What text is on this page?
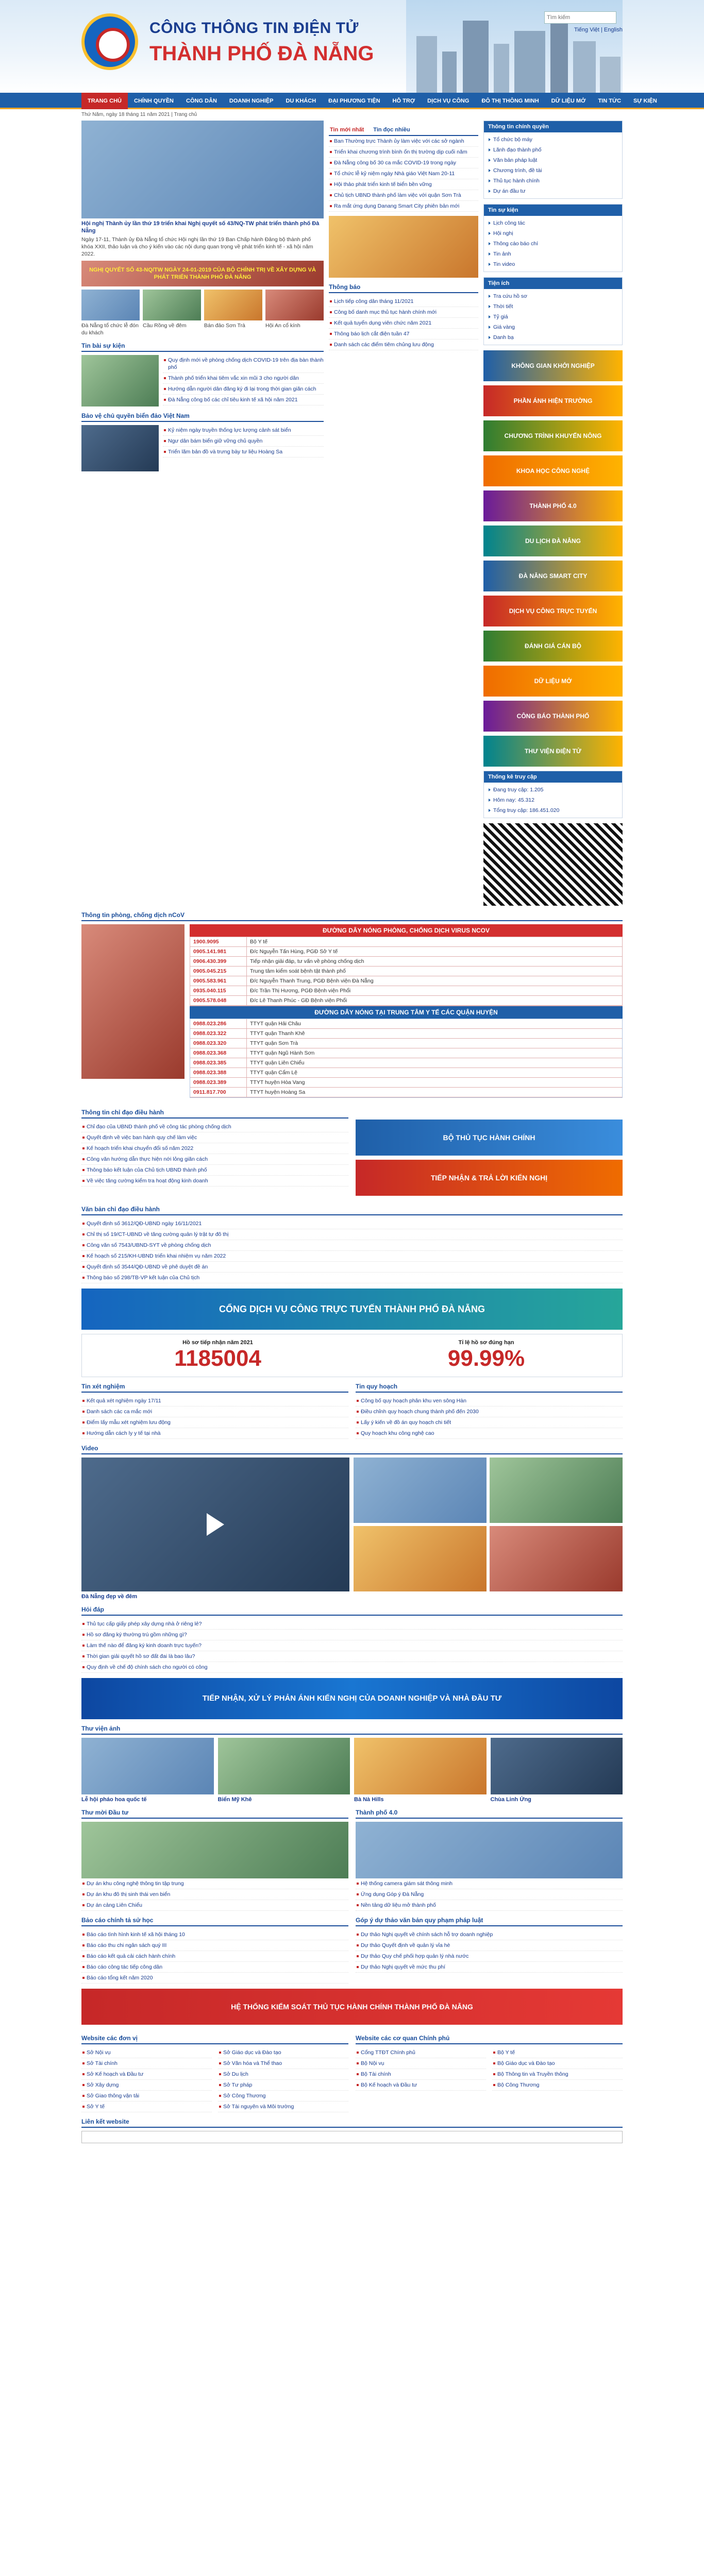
CÔNG THÔNG TIN ĐIỆN TỬ
THÀNH PHỐ ĐÀ NẴNG
Tìm kiếm
Tiếng Việt | English
TRANG CHỦ	CHÍNH QUYỀN	CÔNG DÂN	DOANH NGHIỆP	DU KHÁCH	ĐẠI PHƯƠNG TIỆN	HỖ TRỢ	DỊCH VỤ CÔNG	ĐÔ THỊ THÔNG MINH	DỮ LIỆU MỞ	TIN TỨC	SỰ KIỆN
Thứ Năm, ngày 18 tháng 11 năm 2021 | Trang chủ
Hội nghị Thành ủy lần thứ 19 triển khai Nghị quyết số 43/NQ-TW phát triển thành phố Đà Nẵng
Ngày 17-11, Thành ủy Đà Nẵng tổ chức Hội nghị lần thứ 19 Ban Chấp hành Đảng bộ thành phố khóa XXII, thảo luận và cho ý kiến vào các nội dung quan trọng về phát triển kinh tế - xã hội năm 2022.
NGHỊ QUYẾT SỐ 43-NQ/TW NGÀY 24-01-2019 CỦA BỘ CHÍNH TRỊ VỀ XÂY DỰNG VÀ PHÁT TRIỂN THÀNH PHỐ ĐÀ NẴNG
Đà Nẵng tổ chức lễ đón du khách
Cầu Rồng về đêm	Bán đảo Sơn Trà	Hội An cổ kính
Tin bài sự kiện
Quy định mới về phòng chống dịch COVID-19 trên địa bàn thành phố
Thành phố triển khai tiêm vắc xin mũi 3 cho người dân
Hướng dẫn người dân đăng ký đi lại trong thời gian giãn cách
Đà Nẵng công bố các chỉ tiêu kinh tế xã hội năm 2021
Bảo vệ chủ quyền biển đảo Việt Nam
Kỷ niệm ngày truyền thống lực lượng cảnh sát biển
Ngư dân bám biển giữ vững chủ quyền
Triển lãm bản đồ và trưng bày tư liệu Hoàng Sa
Tin mới nhất Tin đọc nhiều
Ban Thường trực Thành ủy làm việc với các sở ngành
Triển khai chương trình bình ổn thị trường dịp cuối năm
Đà Nẵng công bố 30 ca mắc COVID-19 trong ngày
Tổ chức lễ kỷ niệm ngày Nhà giáo Việt Nam 20-11
Hội thảo phát triển kinh tế biển bền vững
Chủ tịch UBND thành phố làm việc với quận Sơn Trà
Ra mắt ứng dụng Danang Smart City phiên bản mới
Thông báo
Lịch tiếp công dân tháng 11/2021
Công bố danh mục thủ tục hành chính mới
Kết quả tuyển dụng viên chức năm 2021
Thông báo lịch cắt điện tuần 47
Danh sách các điểm tiêm chủng lưu động
Thông tin chính quyền
Tổ chức bộ máy
Lãnh đạo thành phố
Văn bản pháp luật
Chương trình, đề tài
Thủ tục hành chính
Dự án đầu tư
Tin sự kiện
Lịch công tác
Hội nghị
Thông cáo báo chí
Tin ảnh
Tin video
Tiện ích
Tra cứu hồ sơ
Thời tiết
Tỷ giá
Giá vàng
Danh bạ
KHÔNG GIAN KHỞI NGHIỆP
PHẦN ÁNH HIỆN TRƯỜNG
CHƯƠNG TRÌNH KHUYẾN NÔNG
KHOA HỌC CÔNG NGHỆ
THÀNH PHỐ 4.0
DU LỊCH ĐÀ NẴNG
ĐÀ NẴNG SMART CITY
DỊCH VỤ CÔNG TRỰC TUYẾN
ĐÁNH GIÁ CÁN BỘ
DỮ LIỆU MỞ
CÔNG BÁO THÀNH PHỐ
THƯ VIỆN ĐIỆN TỬ
Thống kê truy cập
Đang truy cập: 1.205
Hôm nay: 45.312
Tổng truy cập: 186.451.020
Thông tin phòng, chống dịch nCoV
ĐƯỜNG DÂY NÓNG PHÒNG, CHỐNG DỊCH VIRUS NCOV
1900.9095	Bộ Y tế
0905.141.981	Đ/c Nguyễn Tấn Hùng, PGĐ Sở Y tế
0906.430.399	Tiếp nhận giải đáp, tư vấn về phòng chống dịch
0905.045.215	Trung tâm kiểm soát bệnh tật thành phố
0905.583.961	Đ/c Nguyễn Thanh Trung, PGĐ Bệnh viện Đà Nẵng
0935.040.115	Đ/c Trần Thị Hương, PGĐ Bệnh viện Phổi
0905.578.048	Đ/c Lê Thanh Phúc - GĐ Bệnh viện Phổi
ĐƯỜNG DÂY NÓNG TẠI TRUNG TÂM Y TẾ CÁC QUẬN HUYỆN
0988.023.286	TTYT quận Hải Châu
0988.023.322	TTYT quận Thanh Khê
0988.023.320	TTYT quận Sơn Trà
0988.023.368	TTYT quận Ngũ Hành Sơn
0988.023.385	TTYT quận Liên Chiểu
0988.023.388	TTYT quận Cẩm Lệ
0988.023.389	TTYT huyện Hòa Vang
0911.817.700	TTYT huyện Hoàng Sa
Thông tin chỉ đạo điều hành
Chỉ đạo của UBND thành phố về công tác phòng chống dịch
Quyết định về việc ban hành quy chế làm việc
Kế hoạch triển khai chuyển đổi số năm 2022
Công văn hướng dẫn thực hiện nới lỏng giãn cách
Thông báo kết luận của Chủ tịch UBND thành phố
Về việc tăng cường kiểm tra hoạt động kinh doanh
BỘ THỦ TỤC HÀNH CHÍNH
TIẾP NHẬN & TRẢ LỜI KIẾN NGHỊ
Văn bản chỉ đạo điều hành
Quyết định số 3612/QĐ-UBND ngày 16/11/2021
Chỉ thị số 19/CT-UBND về tăng cường quản lý trật tự đô thị
Công văn số 7543/UBND-SYT về phòng chống dịch
Kế hoạch số 215/KH-UBND triển khai nhiệm vụ năm 2022
Quyết định số 3544/QĐ-UBND về phê duyệt đề án
Thông báo số 298/TB-VP kết luận của Chủ tịch
CỔNG DỊCH VỤ CÔNG TRỰC TUYẾN THÀNH PHỐ ĐÀ NẴNG
Hồ sơ tiếp nhận năm 2021
1185004
Tỉ lệ hồ sơ đúng hạn
99.99%
Tin xét nghiệm
Kết quả xét nghiệm ngày 17/11
Danh sách các ca mắc mới
Điểm lấy mẫu xét nghiệm lưu động
Hướng dẫn cách ly y tế tại nhà
Tin quy hoạch
Công bố quy hoạch phân khu ven sông Hàn
Điều chỉnh quy hoạch chung thành phố đến 2030
Lấy ý kiến về đồ án quy hoạch chi tiết
Quy hoạch khu công nghệ cao
Video
Đà Nẵng đẹp về đêm
Hỏi đáp
Thủ tục cấp giấy phép xây dựng nhà ở riêng lẻ?
Hồ sơ đăng ký thường trú gồm những gì?
Làm thế nào để đăng ký kinh doanh trực tuyến?
Thời gian giải quyết hồ sơ đất đai là bao lâu?
Quy định về chế độ chính sách cho người có công
TIẾP NHẬN, XỬ LÝ PHẢN ÁNH KIẾN NGHỊ CỦA DOANH NGHIỆP VÀ NHÀ ĐẦU TƯ
Thư viện ảnh
Lễ hội pháo hoa quốc tế	Biển Mỹ Khê	Bà Nà Hills	Chùa Linh Ứng
Thư mời Đầu tư
Dự án khu công nghệ thông tin tập trung
Dự án khu đô thị sinh thái ven biển
Dự án cảng Liên Chiểu
Thành phố 4.0
Hệ thống camera giám sát thông minh
Ứng dụng Góp ý Đà Nẵng
Nền tảng dữ liệu mở thành phố
Bảo cáo chính tả sử học
Báo cáo tình hình kinh tế xã hội tháng 10
Báo cáo thu chi ngân sách quý III
Báo cáo kết quả cải cách hành chính
Báo cáo công tác tiếp công dân
Báo cáo tổng kết năm 2020
Góp ý dự thảo văn bản quy phạm pháp luật
Dự thảo Nghị quyết về chính sách hỗ trợ doanh nghiệp
Dự thảo Quyết định về quản lý vỉa hè
Dự thảo Quy chế phối hợp quản lý nhà nước
Dự thảo Nghị quyết về mức thu phí
HỆ THỐNG KIỂM SOÁT THỦ TỤC HÀNH CHÍNH THÀNH PHỐ ĐÀ NẴNG
Website các đơn vị
Sở Nội vụ
Sở Tài chính
Sở Kế hoạch và Đầu tư
Sở Xây dựng
Sở Giao thông vận tải
Sở Y tế
Sở Giáo dục và Đào tạo
Sở Văn hóa và Thể thao
Sở Du lịch
Sở Tư pháp
Sở Công Thương
Sở Tài nguyên và Môi trường
Website các cơ quan Chính phủ
Cổng TTĐT Chính phủ
Bộ Nội vụ
Bộ Tài chính
Bộ Kế hoạch và Đầu tư
Bộ Y tế
Bộ Giáo dục và Đào tạo
Bộ Thông tin và Truyền thông
Bộ Công Thương
Liên kết website
